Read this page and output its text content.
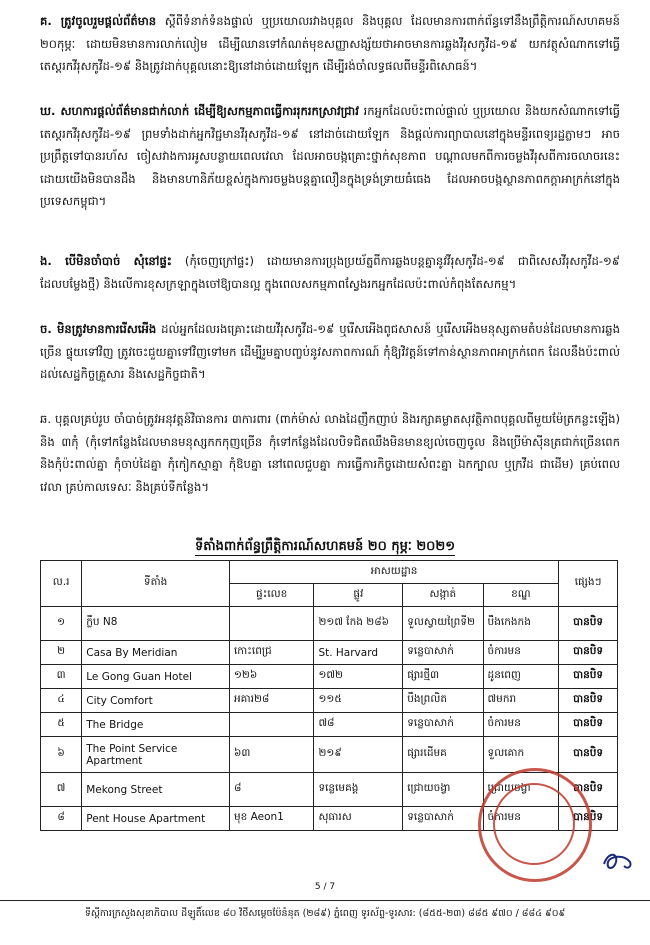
គ. ត្រូវចូលរួមផ្ដល់ព័ត៌មាន ស្ដីពីទំនាក់ទំនងផ្ទាល់ ឬប្រយោលរវាងបុគ្គល និងបុគ្គល ដែលមានការពាក់ព័ន្ធទៅនឹងព្រឹត្តិការណ៍សហគមន៍ ២០កុម្ភៈ ដោយមិនមានការលាក់លៀម ដើម្បីឈានទៅកំណត់មុខសញ្ញាសង្ស័យថាអាចមានការឆ្លងវីរុសកូវីដ-១៩ យកវត្ថុសំណាកទៅធ្វើតេស្ដរកវីរុសកូវីដ-១៩ និងត្រូវដាក់បុគ្គលនោះឱ្យនៅដាច់ដោយឡែក ដើម្បីរង់ចាំលទ្ធផលពីមន្ទីរពិសោធន៍។
ឃ. សហការផ្ដល់ព័ត៌មានជាក់លាក់ ដើម្បីឱ្យសកម្មភាពធ្វើការរុករកស្រាវជ្រាវ រកអ្នកដែលប៉ះពាល់ផ្ទាល់ ឬប្រយោល និងយកសំណាកទៅធ្វើតេស្ដរកវីរុសកូវីដ-១៩ ព្រមទាំងដាក់អ្នកវិជ្ជមានវីរុសកូវីដ-១៩ នៅដាច់ដោយឡែក និងផ្ដល់ការព្យាបាលនៅក្នុងមន្ទីរពេទ្យរដ្ឋភ្លាមៗ អាចប្រព្រឹត្តទៅបានរហ័ស ចៀសវាងការអូសបន្លាយពេលវេលា ដែលអាចបង្កគ្រោះថ្នាក់សុខភាព បណ្ដាលមកពីការចម្លងវីរុសពីការចលាចរនេះ ដោយយើងមិនបានដឹង និងមានហានិភ័យខ្ពស់ក្នុងការចម្លងបន្តគ្នាលឿនក្នុងទ្រង់ទ្រាយធំធេង ដែលអាចបង្កស្ថានភាពកក្ដាអាក្រក់នៅក្នុងប្រទេសកម្ពុជា។
ង. បើមិនចាំបាច់ សុំនៅផ្ទះ (កុំចេញក្រៅផ្ទះ) ដោយមានការប្រុងប្រយ័ត្នពីការឆ្លងបន្តគ្នានូវវីរុសកូវីដ-១៩ ជាពិសេសវីរុសកូវីដ-១៩ ដែលបម្លែងថ្មី) និងលើការខុសក្រឡាក្នុងចៅឱ្យបានល្អ ក្នុងពេលសកម្មភាពស្វែងរកអ្នកដែលប៉ះពាល់កំពុងតែសកម្ម។
ច. មិនត្រូវមានការរើសអើង ដល់អ្នកដែលរងគ្រោះដោយវីរុសកូវីដ-១៩ ឬរើសអើងពូជសាសន៍ ឬរើសអើងមនុស្សតាមតំបន់ដែលមានការឆ្លងច្រើន ផ្ទុយទៅវិញ ត្រូវចេះជួយគ្នាទៅវិញទៅមក ដើម្បីរួមគ្នាបញ្ចប់នូវសភាពការណ៍ កុំឱ្យវិវត្តន៍ទៅកាន់ស្ថានភាពអាក្រក់ពេក ដែលនឹងប៉ះពាល់ដល់សេដ្ឋកិច្ចគ្រួសារ និងសេដ្ឋកិច្ចជាតិ។
ឆ. បុគ្គលគ្រប់រូប ចាំបាច់ត្រូវអនុវត្តន៍វិធានការ ៣ការពារ (ពាក់ម៉ាស់ លាងដៃញឹកញាប់ និងរក្សាគម្លាតសុវត្ថិភាពបុគ្គលពីមួយម៉ែត្រកន្លះឡើង) និង ៣កុំ (កុំទៅកន្លែងដែលមានមនុស្សកកកុញច្រើន កុំទៅកន្លែងដែលបិទជិតឈឹងមិនមានខ្យល់ចេញចូល និងប្រើម៉ាស៊ីនត្រជាក់ច្រើនពេក និងកុំប៉ះពាល់គ្នា កុំចាប់ដៃគ្នា កុំកៀកស្មាគ្នា កុំឱបគ្នា នៅពេលជួបគ្នា ការធ្វើការកិច្ចដោយសំពះគ្នា ឯកក្បាល ឬក្រវីដ ជាដើម) គ្រប់ពេលវេលា គ្រប់កាលទេសៈ និងគ្រប់ទីកន្លែង។
ទីតាំងពាក់ព័ន្ធព្រឹត្តិការណ៍សហគមន៍ ២០ កុម្ភៈ ២០២១
ល.រ	ទីតាំង	អាសយដ្ឋាន				ផ្សេងៗ
		ផ្ទះលេខ	ផ្លូវ	សង្កាត់	ខណ្ឌ	
១	ក្លឹប N8		២១៧ កែង ២៨៦	ទួលស្វាយព្រៃទី២	បឹងកេងកង	បានបិទ
២	Casa By Meridian	កោះពេជ្រ	St. Harvard	ទន្លេបាសាក់	ចំការមន	បានបិទ
៣	Le Gong Guan Hotel	១២៦	១៧២	ផ្សារថ្មី៣	ដូនពេញ	បានបិទ
៤	City Comfort	អគារ២៨	១១៥	បឹងព្រលិត	៧មករា	បានបិទ
៥	The Bridge		៧៨	ទន្លេបាសាក់	ចំការមន	បានបិទ
៦	The Point Service Apartment	៦៣	២១៩	ផ្សារដើមគ	ទួលគោក	បានបិទ
៧	Mekong Street	៨	ទន្លេមេគង្គ	ជ្រោយចង្វា	ជ្រោយចង្វា	បានបិទ
៨	Pent House Apartment	មុខ Aeon1	សុធារស	ទន្លេបាសាក់	ចំការមន	បានបិទ
5 / 7
ទីស្ដីការក្រសួងសុខាភិបាល ដីឡូតិ៍លេខ ៨០ វិថីសម្ដេចប៉ែនំនុត (២៨៩) ភ្នំពេញ ទូរស័ព្ទ-ទូរសារ: (៨៥៥-២៣) ៨៨៥ ៩៧០ / ៨៨៤ ៩០៩
